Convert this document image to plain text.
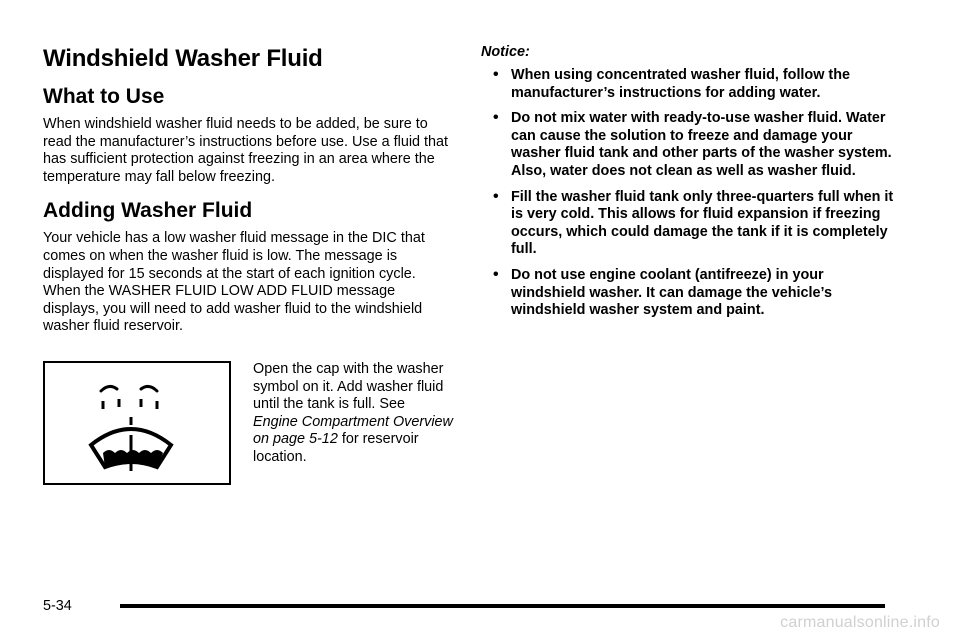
Windshield Washer Fluid
What to Use

When windshield washer fluid needs to be added, be sure to read the manufacturer’s instructions before use. Use a fluid that has sufficient protection against freezing in an area where the temperature may fall below freezing.

Adding Washer Fluid

Your vehicle has a low washer fluid message in the DIC that comes on when the washer fluid is low. The message is displayed for 15 seconds at the start of each ignition cycle. When the WASHER FLUID LOW ADD FLUID message displays, you will need to add washer fluid to the windshield washer fluid reservoir.

Open the cap with the washer symbol on it. Add washer fluid until the tank is full. See Engine Compartment Overview on page 5-12 for reservoir location.
Notice:
• When using concentrated washer fluid, follow the manufacturer’s instructions for adding water.
• Do not mix water with ready-to-use washer fluid. Water can cause the solution to freeze and damage your washer fluid tank and other parts of the washer system. Also, water does not clean as well as washer fluid.
• Fill the washer fluid tank only three-quarters full when it is very cold. This allows for fluid expansion if freezing occurs, which could damage the tank if it is completely full.
• Do not use engine coolant (antifreeze) in your windshield washer. It can damage the vehicle’s windshield washer system and paint.
5-34
carmanualsonline.info
